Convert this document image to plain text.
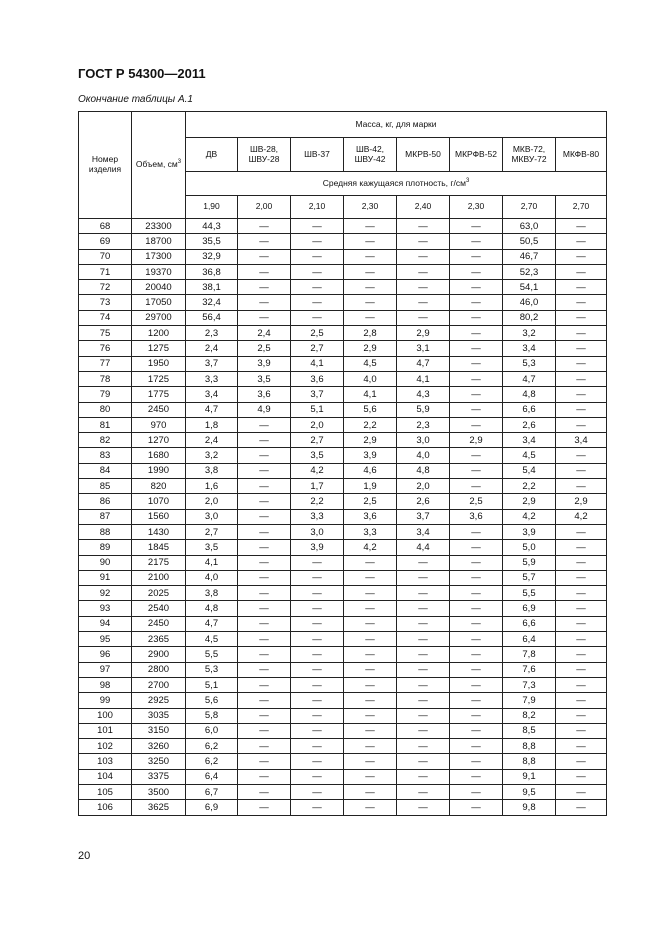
ГОСТ Р 54300—2011
Окончание таблицы А.1
Номер изделия	Объем, $см^3$	Масса, кг, для марки							
		ДВ	ШВ-28, ШВУ-28	ШВ-37	ШВ-42, ШВУ-42	МКРВ-50	МКРФВ-52	МКВ-72, МКВУ-72	МКФВ-80
		Средняя кажущаяся плотность, $г/см^3$
		1,90	2,00	2,10	2,30	2,40	2,30	2,70	2,70
68	23300	44,3	—	—	—	—	—	63,0	—
69	18700	35,5	—	—	—	—	—	50,5	—
70	17300	32,9	—	—	—	—	—	46,7	—
71	19370	36,8	—	—	—	—	—	52,3	—
72	20040	38,1	—	—	—	—	—	54,1	—
73	17050	32,4	—	—	—	—	—	46,0	—
74	29700	56,4	—	—	—	—	—	80,2	—
75	1200	2,3	2,4	2,5	2,8	2,9	—	3,2	—
76	1275	2,4	2,5	2,7	2,9	3,1	—	3,4	—
77	1950	3,7	3,9	4,1	4,5	4,7	—	5,3	—
78	1725	3,3	3,5	3,6	4,0	4,1	—	4,7	—
79	1775	3,4	3,6	3,7	4,1	4,3	—	4,8	—
80	2450	4,7	4,9	5,1	5,6	5,9	—	6,6	—
81	970	1,8	—	2,0	2,2	2,3	—	2,6	—
82	1270	2,4	—	2,7	2,9	3,0	2,9	3,4	3,4
83	1680	3,2	—	3,5	3,9	4,0	—	4,5	—
84	1990	3,8	—	4,2	4,6	4,8	—	5,4	—
85	820	1,6	—	1,7	1,9	2,0	—	2,2	—
86	1070	2,0	—	2,2	2,5	2,6	2,5	2,9	2,9
87	1560	3,0	—	3,3	3,6	3,7	3,6	4,2	4,2
88	1430	2,7	—	3,0	3,3	3,4	—	3,9	—
89	1845	3,5	—	3,9	4,2	4,4	—	5,0	—
90	2175	4,1	—	—	—	—	—	5,9	—
91	2100	4,0	—	—	—	—	—	5,7	—
92	2025	3,8	—	—	—	—	—	5,5	—
93	2540	4,8	—	—	—	—	—	6,9	—
94	2450	4,7	—	—	—	—	—	6,6	—
95	2365	4,5	—	—	—	—	—	6,4	—
96	2900	5,5	—	—	—	—	—	7,8	—
97	2800	5,3	—	—	—	—	—	7,6	—
98	2700	5,1	—	—	—	—	—	7,3	—
99	2925	5,6	—	—	—	—	—	7,9	—
100	3035	5,8	—	—	—	—	—	8,2	—
101	3150	6,0	—	—	—	—	—	8,5	—
102	3260	6,2	—	—	—	—	—	8,8	—
103	3250	6,2	—	—	—	—	—	8,8	—
104	3375	6,4	—	—	—	—	—	9,1	—
105	3500	6,7	—	—	—	—	—	9,5	—
106	3625	6,9	—	—	—	—	—	9,8	—
20
